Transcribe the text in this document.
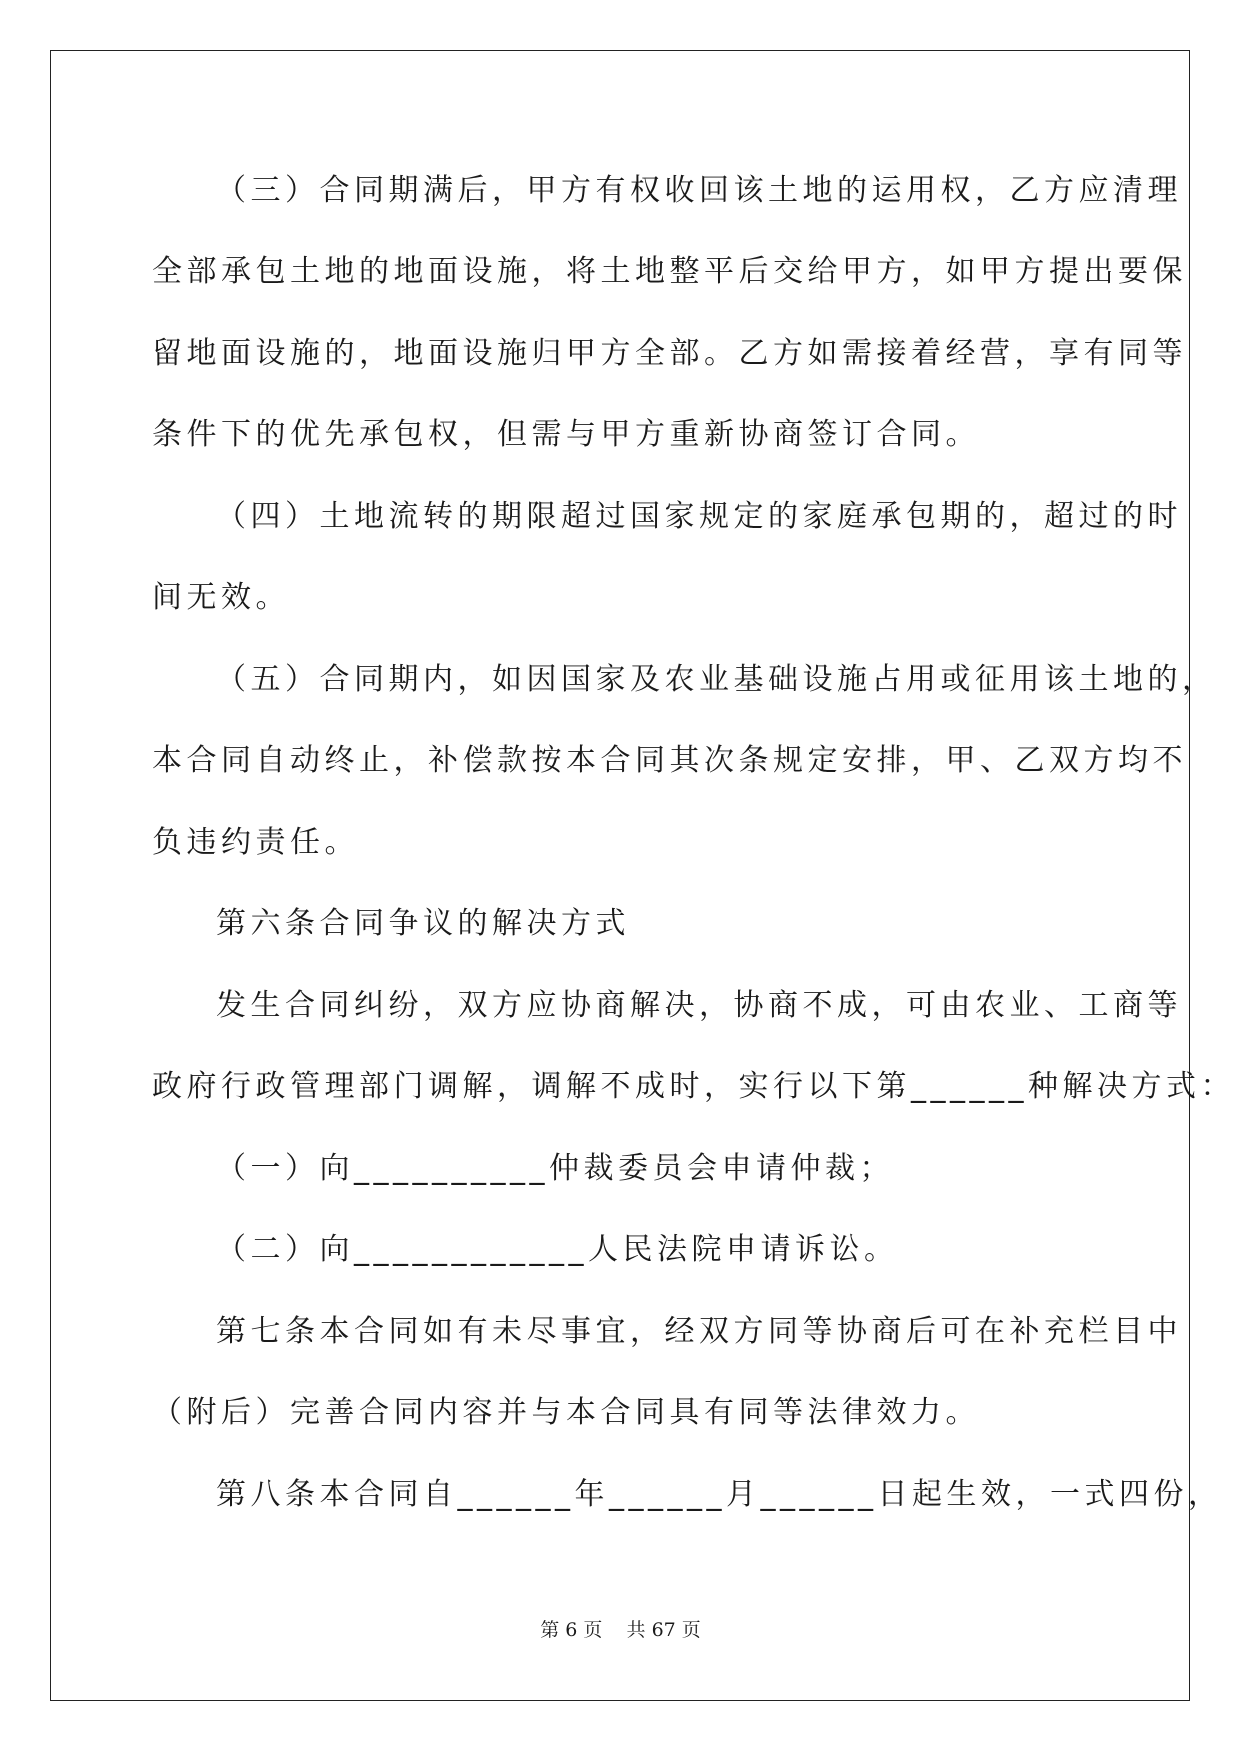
（三）合同期满后，甲方有权收回该土地的运用权，乙方应清理
全部承包土地的地面设施，将土地整平后交给甲方，如甲方提出要保
留地面设施的，地面设施归甲方全部。乙方如需接着经营，享有同等
条件下的优先承包权，但需与甲方重新协商签订合同。
（四）土地流转的期限超过国家规定的家庭承包期的，超过的时
间无效。
（五）合同期内，如因国家及农业基础设施占用或征用该土地的，
本合同自动终止，补偿款按本合同其次条规定安排，甲、乙双方均不
负违约责任。
第六条合同争议的解决方式
发生合同纠纷，双方应协商解决，协商不成，可由农业、工商等
政府行政管理部门调解，调解不成时，实行以下第______种解决方式：
（一）向__________仲裁委员会申请仲裁；
（二）向____________人民法院申请诉讼。
第七条本合同如有未尽事宜，经双方同等协商后可在补充栏目中
（附后）完善合同内容并与本合同具有同等法律效力。
第八条本合同自______年______月______日起生效，一式四份，
第 6 页    共 67 页
